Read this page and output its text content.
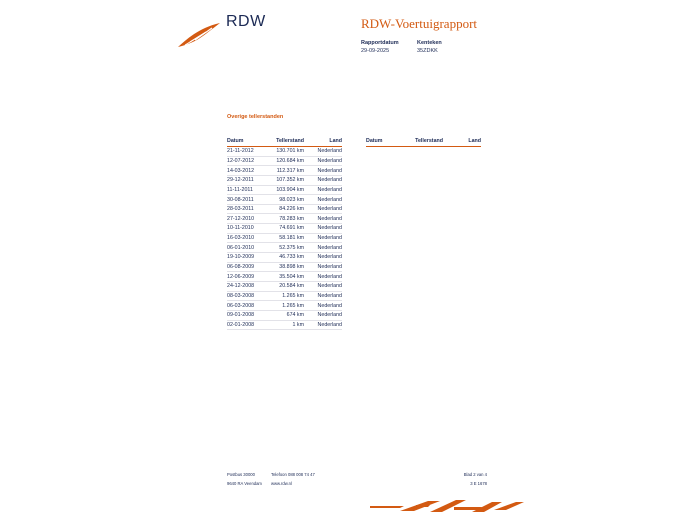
RDW	RDW-Voertuigrapport
Rapportdatum
29-09-2025
Kenteken
35ZDKK
Overige tellerstanden
Datum	Tellerstand	Land
21-11-2012	130.701 km	Nederland
12-07-2012	120.684 km	Nederland
14-03-2012	112.317 km	Nederland
29-12-2011	107.352 km	Nederland
11-11-2011	103.904 km	Nederland
30-08-2011	98.023 km	Nederland
28-03-2011	84.226 km	Nederland
27-12-2010	78.283 km	Nederland
10-11-2010	74.691 km	Nederland
16-03-2010	58.181 km	Nederland
06-01-2010	52.375 km	Nederland
19-10-2009	46.733 km	Nederland
06-08-2009	38.898 km	Nederland
12-06-2009	35.504 km	Nederland
24-12-2008	20.584 km	Nederland
08-03-2008	1.265 km	Nederland
06-03-2008	1.265 km	Nederland
09-01-2008	674 km	Nederland
02-01-2008	1 km	Nederland
Datum	Tellerstand	Land
Postbus 30000
9640 RA Veendam
Telefoon 088 008 74 47
www.rdw.nl
Blad 2 van 4
3 E 1678
